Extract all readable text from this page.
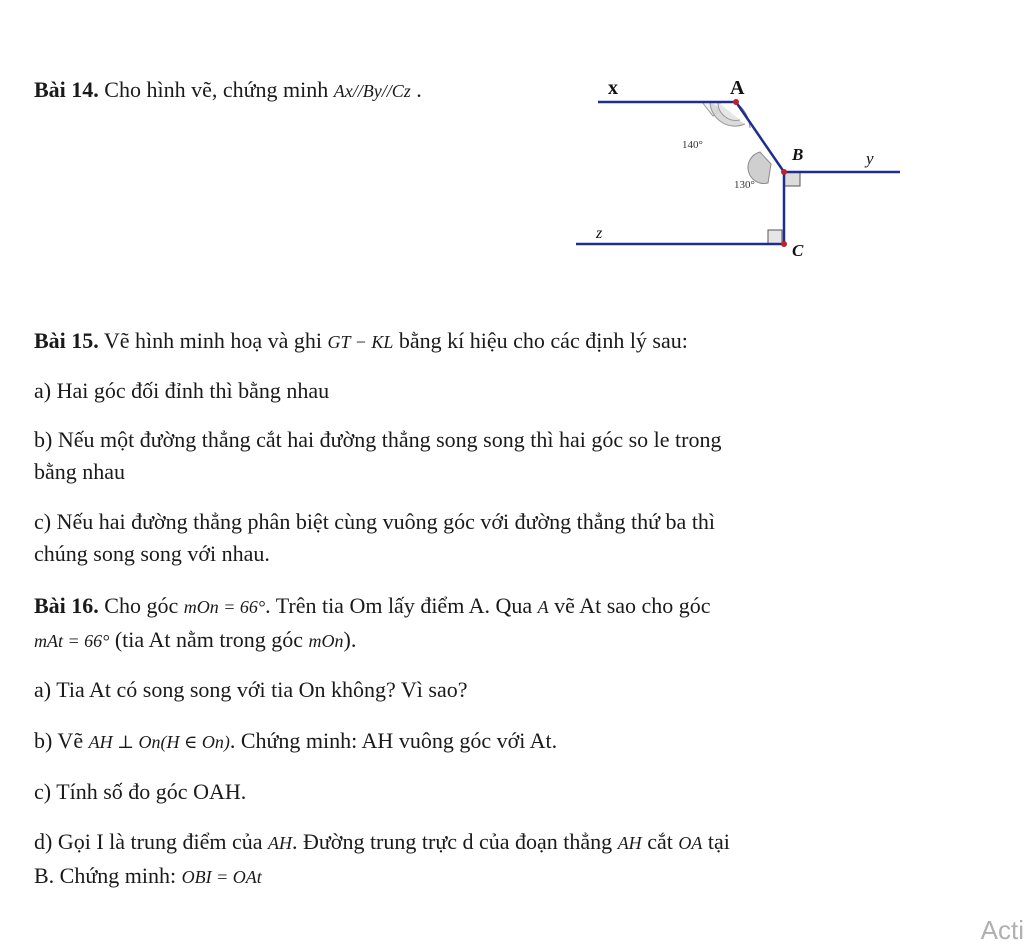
Bài 14. Cho hình vẽ, chứng minh Ax//By//Cz .	x	A
140°	B	y
130°
z
C
Bài 15. Vẽ hình minh hoạ và ghi GT − KL bằng kí hiệu cho các định lý sau:
a) Hai góc đối đỉnh thì bằng nhau
b) Nếu một đường thẳng cắt hai đường thẳng song song thì hai góc so le trong
bằng nhau
c) Nếu hai đường thẳng phân biệt cùng vuông góc với đường thẳng thứ ba thì
chúng song song với nhau.
Bài 16. Cho góc mOn = 66°. Trên tia Om lấy điểm A. Qua A vẽ At sao cho góc
mAt = 66° (tia At nằm trong góc mOn).
a) Tia At có song song với tia On không? Vì sao?
b) Vẽ AH ⊥ On(H ∈ On). Chứng minh: AH vuông góc với At.
c) Tính số đo góc OAH.
d) Gọi I là trung điểm của AH. Đường trung trực d của đoạn thẳng AH cắt OA tại
B. Chứng minh: OBI = OAt
Acti
